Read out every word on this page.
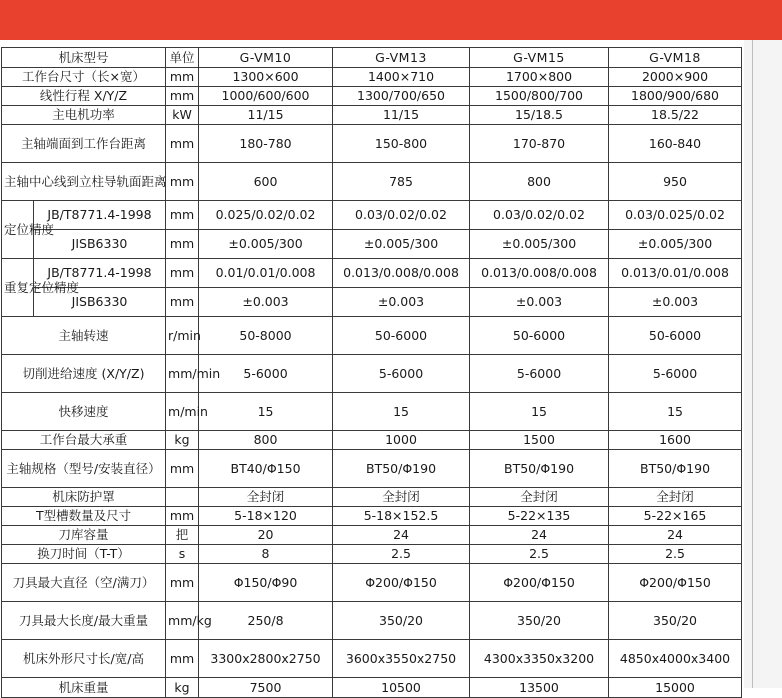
机床型号		单位	G-VM10	G-VM13	G-VM15	G-VM18
工作台尺寸（长×宽）		mm	1300×600	1400×710	1700×800	2000×900
线性行程 X/Y/Z		mm	1000/600/600	1300/700/650	1500/800/700	1800/900/680
主电机功率		kW	11/15	11/15	15/18.5	18.5/22
主轴端面到工作台距离		mm	180-780	150-800	170-870	160-840
主轴中心线到立柱导轨面距离		mm	600	785	800	950
定位精度	JB/T8771.4-1998	mm	0.025/0.02/0.02	0.03/0.02/0.02	0.03/0.02/0.02	0.03/0.025/0.02
	JISB6330	mm	±0.005/300	±0.005/300	±0.005/300	±0.005/300
重复定位精度	JB/T8771.4-1998	mm	0.01/0.01/0.008	0.013/0.008/0.008	0.013/0.008/0.008	0.013/0.01/0.008
	JISB6330	mm	±0.003	±0.003	±0.003	±0.003
主轴转速		r/min	50-8000	50-6000	50-6000	50-6000
切削进给速度 (X/Y/Z)		mm/min	5-6000	5-6000	5-6000	5-6000
快移速度		m/min	15	15	15	15
工作台最大承重		kg	800	1000	1500	1600
主轴规格（型号/安装直径）		mm	BT40/Φ150	BT50/Φ190	BT50/Φ190	BT50/Φ190
机床防护罩			全封闭	全封闭	全封闭	全封闭
T型槽数量及尺寸		mm	5-18×120	5-18×152.5	5-22×135	5-22×165
刀库容量		把	20	24	24	24
换刀时间（T-T）		s	8	2.5	2.5	2.5
刀具最大直径（空/满刀）		mm	Φ150/Φ90	Φ200/Φ150	Φ200/Φ150	Φ200/Φ150
刀具最大长度/最大重量		mm/kg	250/8	350/20	350/20	350/20
机床外形尺寸长/宽/高		mm	3300x2800x2750	3600x3550x2750	4300x3350x3200	4850x4000x3400
机床重量		kg	7500	10500	13500	15000
